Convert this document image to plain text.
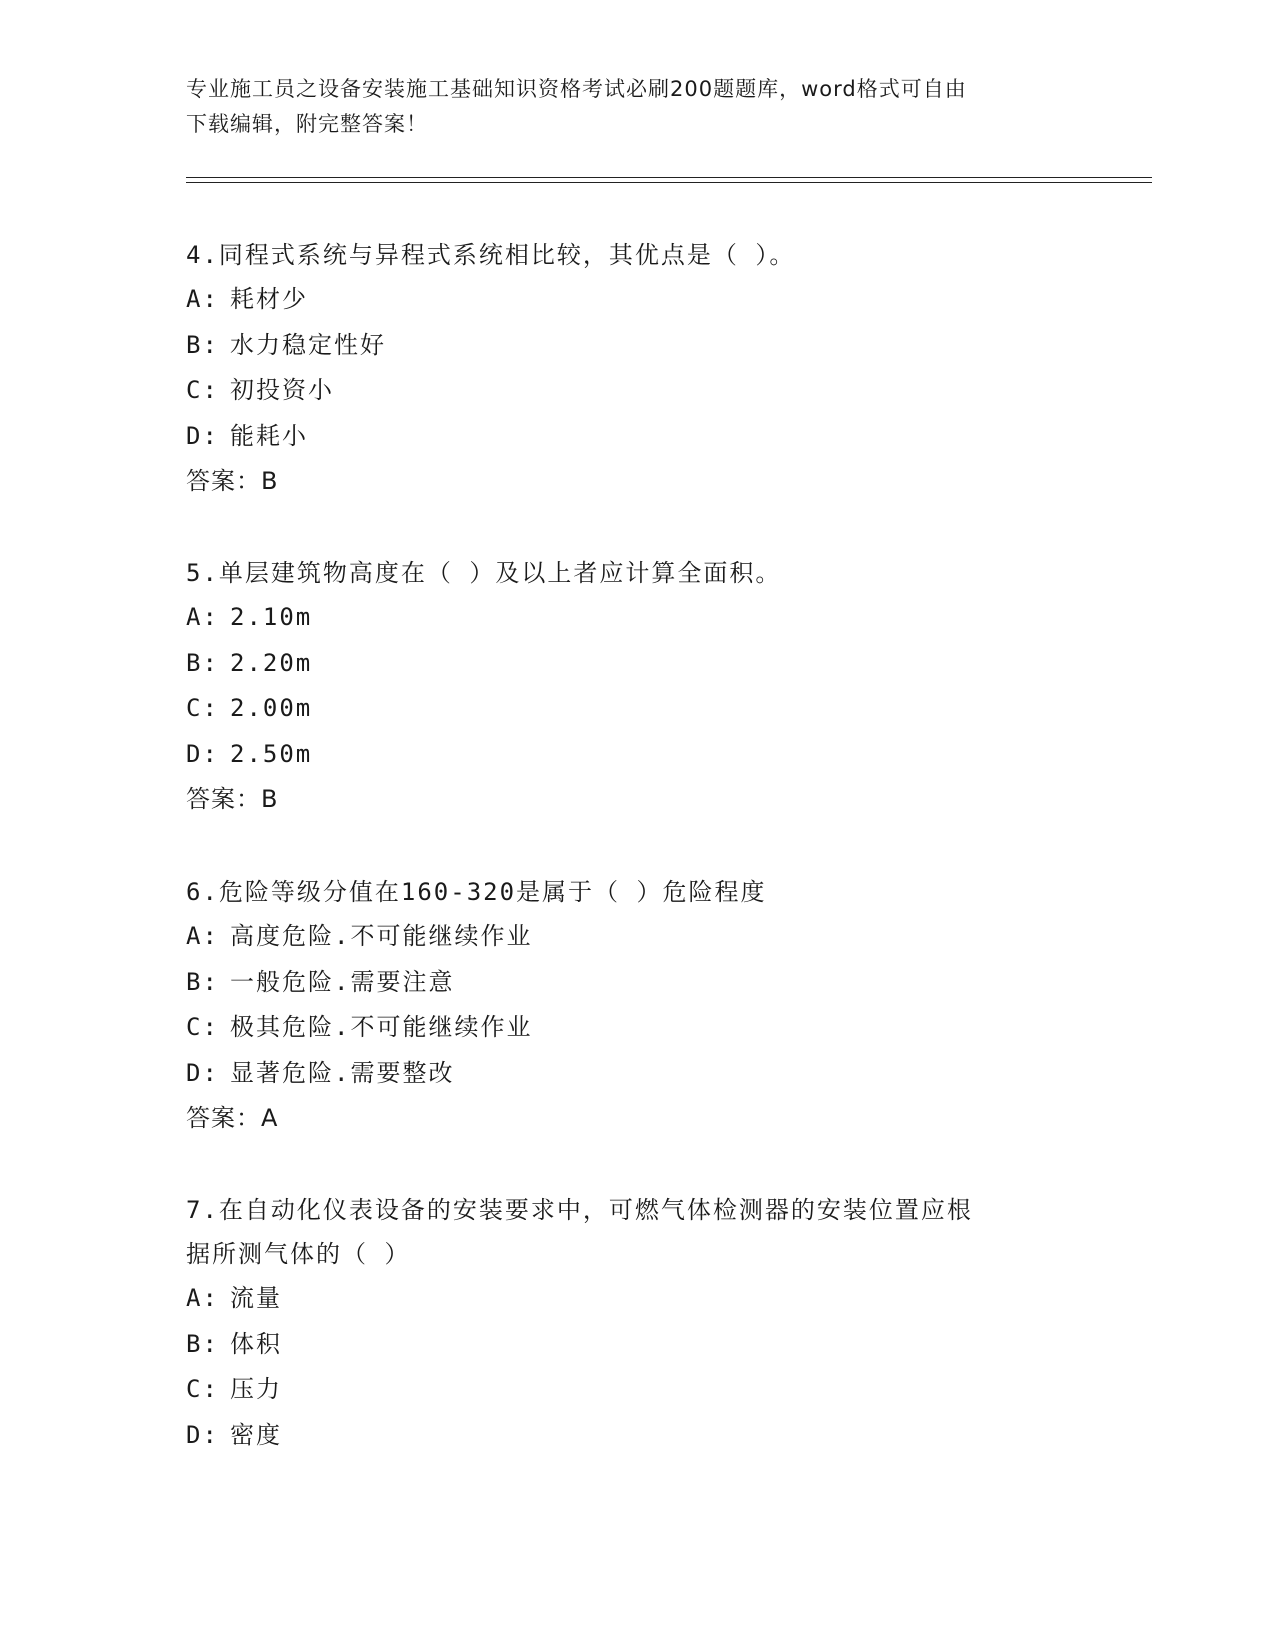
专业施工员之设备安装施工基础知识资格考试必刷200题题库，word格式可自由
下载编辑，附完整答案！

4.同程式系统与异程式系统相比较，其优点是（ ）。

A: 耗材少

B: 水力稳定性好

C: 初投资小

D: 能耗小

答案：B

5.单层建筑物高度在（ ）及以上者应计算全面积。

A: 2.10m

B: 2.20m

C: 2.00m

D: 2.50m

答案：B

6.危险等级分值在160-320是属于（ ）危险程度

A: 高度危险.不可能继续作业

B: 一般危险.需要注意

C: 极其危险.不可能继续作业

D: 显著危险.需要整改

答案：A

7.在自动化仪表设备的安装要求中，可燃气体检测器的安装位置应根

据所测气体的（ ）

A: 流量

B: 体积

C: 压力

D: 密度
